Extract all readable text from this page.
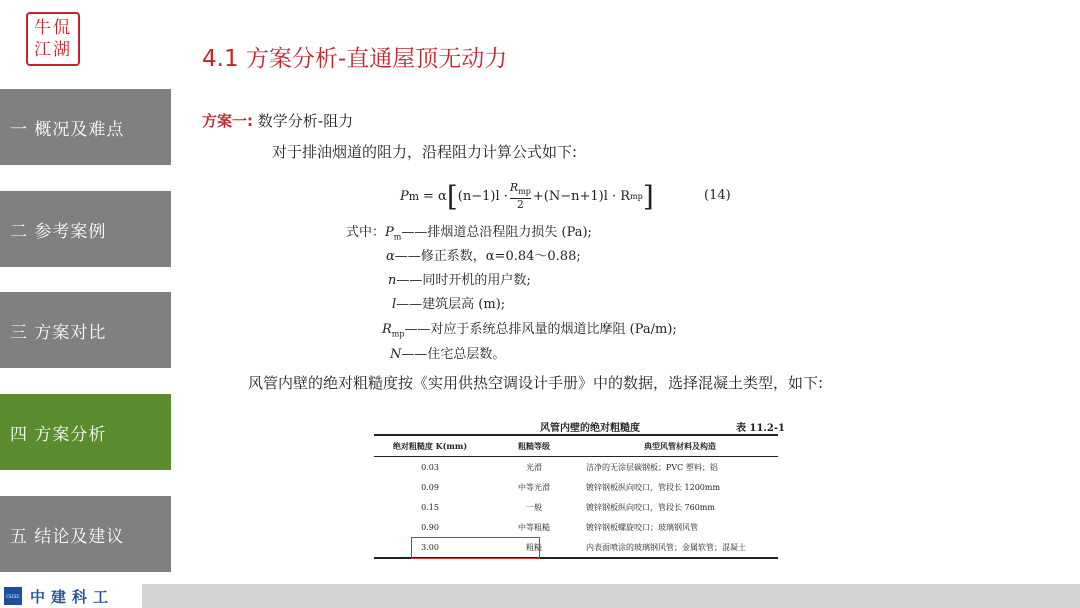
牛侃
江湖	4.1 方案分析-直通屋顶无动力
一 概况及难点
二 参考案例
三 方案对比
四 方案分析
五 结论及建议
方案一: 数学分析-阻力
对于排油烟道的阻力，沿程阻力计算公式如下:
P m = α [ $(n-1)l \cdot \frac{R_{mp}}{2} +(N-n+1)l \cdot R$ mp ]	(14)
式中：$P_m——$排烟道总沿程阻力损失 (Pa);
α——修正系数，α=0.84～0.88;
n——同时开机的用户数;
l——建筑层高 (m);
$R_{mp}——$对应于系统总排风量的烟道比摩阻 (Pa/m);
N——住宅总层数。
风管内壁的绝对粗糙度按《实用供热空调设计手册》中的数据，选择混凝土类型，如下:
风管内壁的绝对粗糙度	表 11.2-1
绝对粗糙度 K(mm)	粗糙等级	典型风管材料及构造
0.03	光滑	洁净的无涂层碳钢板；PVC 塑料；铝
0.09	中等光滑	镀锌钢板纵向咬口，管段长 1200mm
0.15	一般	镀锌钢板纵向咬口，管段长 760mm
0.90	中等粗糙	镀锌钢板螺旋咬口；玻璃钢风管
3.00	粗糙	内表面喷涂的玻璃钢风管；金属软管；混凝土
CSCEC 中建科工
